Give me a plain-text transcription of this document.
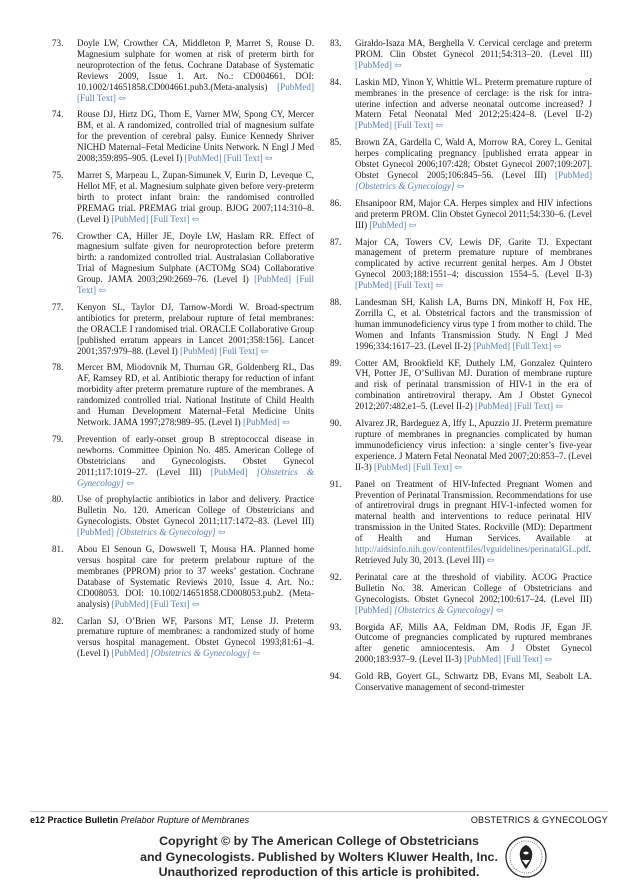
73.	Doyle LW, Crowther CA, Middleton P, Marret S, Rouse D. Magnesium sulphate for women at risk of preterm birth for neuroprotection of the fetus. Cochrane Database of Systematic Reviews 2009, Issue 1. Art. No.: CD004661. DOI: 10.1002/14651858.CD004661.pub3.(Meta-analysis) [PubMed] [Full Text] ⇦
74.	Rouse DJ, Hirtz DG, Thom E, Varner MW, Spong CY, Mercer BM, et al. A randomized, controlled trial of magnesium sulfate for the prevention of cerebral palsy. Eunice Kennedy Shriver NICHD Maternal–Fetal Medicine Units Network. N Engl J Med 2008;359:895–905. (Level I) [PubMed] [Full Text] ⇦
75.	Marret S, Marpeau L, Zupan-Simunek V, Eurin D, Leveque C, Hellot MF, et al. Magnesium sulphate given before very-preterm birth to protect infant brain: the randomised controlled PREMAG trial. PREMAG trial group. BJOG 2007;114:310–8. (Level I) [PubMed] [Full Text] ⇦
76.	Crowther CA, Hiller JE, Doyle LW, Haslam RR. Effect of magnesium sulfate given for neuroprotection before preterm birth: a randomized controlled trial. Australasian Collaborative Trial of Magnesium Sulphate (ACTOMg SO4) Collaborative Group. JAMA 2003;290:2669–76. (Level I) [PubMed] [Full Text] ⇦
77.	Kenyon SL, Taylor DJ, Tarnow-Mordi W. Broad-spectrum antibiotics for preterm, prelabour rupture of fetal membranes: the ORACLE I randomised trial. ORACLE Collaborative Group [published erratum appears in Lancet 2001;358:156]. Lancet 2001;357:979–88. (Level I) [PubMed] [Full Text] ⇦
78.	Mercer BM, Miodovnik M, Thurnau GR, Goldenberg RL, Das AF, Ramsey RD, et al. Antibiotic therapy for reduction of infant morbidity after preterm premature rupture of the membranes. A randomized controlled trial. National Institute of Child Health and Human Development Maternal–Fetal Medicine Units Network. JAMA 1997;278:989–95. (Level I) [PubMed] ⇦
79.	Prevention of early-onset group B streptococcal disease in newborns. Committee Opinion No. 485. American College of Obstetricians and Gynecologists. Obstet Gynecol 2011;117:1019–27. (Level III) [PubMed] [Obstetrics & Gynecology] ⇦
80.	Use of prophylactic antibiotics in labor and delivery. Practice Bulletin No. 120. American College of Obstetricians and Gynecologists. Obstet Gynecol 2011;117:1472–83. (Level III) [PubMed] [Obstetrics & Gynecology] ⇦
81.	Abou El Senoun G, Dowswell T, Mousa HA. Planned home versus hospital care for preterm prelabour rupture of the membranes (PPROM) prior to 37 weeks’ gestation. Cochrane Database of Systematic Reviews 2010, Issue 4. Art. No.: CD008053. DOI: 10.1002/14651858.CD008053.pub2. (Meta-analysis) [PubMed] [Full Text] ⇦
82.	Carlan SJ, O’Brien WF, Parsons MT, Lense JJ. Preterm premature rupture of membranes: a randomized study of home versus hospital management. Obstet Gynecol 1993;81:61–4. (Level I) [PubMed] [Obstetrics & Gynecology] ⇦
83.	Giraldo-Isaza MA, Berghella V. Cervical cerclage and preterm PROM. Clin Obstet Gynecol 2011;54:313–20. (Level III) [PubMed] ⇦
84.	Laskin MD, Yinon Y, Whittle WL. Preterm premature rupture of membranes in the presence of cerclage: is the risk for intra-uterine infection and adverse neonatal outcome increased? J Matern Fetal Neonatal Med 2012;25:424–8. (Level II-2) [PubMed] [Full Text] ⇦
85.	Brown ZA, Gardella C, Wald A, Morrow RA, Corey L. Genital herpes complicating pregnancy [published errata appear in Obstet Gynecol 2006;107:428; Obstet Gynecol 2007;109:207]. Obstet Gynecol 2005;106:845–56. (Level III) [PubMed] [Obstetrics & Gynecology] ⇦
86.	Ehsanipoor RM, Major CA. Herpes simplex and HIV infections and preterm PROM. Clin Obstet Gynecol 2011;54:330–6. (Level III) [PubMed] ⇦
87.	Major CA, Towers CV, Lewis DF, Garite TJ. Expectant management of preterm premature rupture of membranes complicated by active recurrent genital herpes. Am J Obstet Gynecol 2003;188:1551–4; discussion 1554–5. (Level II-3) [PubMed] [Full Text] ⇦
88.	Landesman SH, Kalish LA, Burns DN, Minkoff H, Fox HE, Zorrilla C, et al. Obstetrical factors and the transmission of human immunodeficiency virus type 1 from mother to child. The Women and Infants Transmission Study. N Engl J Med 1996;334:1617–23. (Level II-2) [PubMed] [Full Text] ⇦
89.	Cotter AM, Brookfield KF, Duthely LM, Gonzalez Quintero VH, Potter JE, O’Sullivan MJ. Duration of membrane rupture and risk of perinatal transmission of HIV-1 in the era of combination antiretroviral therapy. Am J Obstet Gynecol 2012;207:482.e1–5. (Level II-2) [PubMed] [Full Text] ⇦
90.	Alvarez JR, Bardeguez A, Iffy L, Apuzzio JJ. Preterm premature rupture of membranes in pregnancies complicated by human immunodeficiency virus infection: a single center’s five-year experience. J Matern Fetal Neonatal Med 2007;20:853–7. (Level II-3) [PubMed] [Full Text] ⇦
91.	Panel on Treatment of HIV-Infected Pregnant Women and Prevention of Perinatal Transmission. Recommendations for use of antiretroviral drugs in pregnant HIV-1-infected women for maternal health and interventions to reduce perinatal HIV transmission in the United States. Rockville (MD): Department of Health and Human Services. Available at http://aidsinfo.nih.gov/contentfiles/lvguidelines/perinatalGL.pdf. Retrieved July 30, 2013. (Level III) ⇦
92.	Perinatal care at the threshold of viability. ACOG Practice Bulletin No. 38. American College of Obstetricians and Gynecologists. Obstet Gynecol 2002;100:617–24. (Level III) [PubMed] [Obstetrics & Gynecology] ⇦
93.	Borgida AF, Mills AA, Feldman DM, Rodis JF, Egan JF. Outcome of pregnancies complicated by ruptured membranes after genetic amniocentesis. Am J Obstet Gynecol 2000;183:937–9. (Level II-3) [PubMed] [Full Text] ⇦
94.	Gold RB, Goyert GL, Schwartz DB, Evans MI, Seabolt LA. Conservative management of second-trimester
e12 Practice Bulletin Prelabor Rupture of Membranes	OBSTETRICS & GYNECOLOGY
Copyright © by The American College of Obstetricians
and Gynecologists. Published by Wolters Kluwer Health, Inc.
Unauthorized reproduction of this article is prohibited.
